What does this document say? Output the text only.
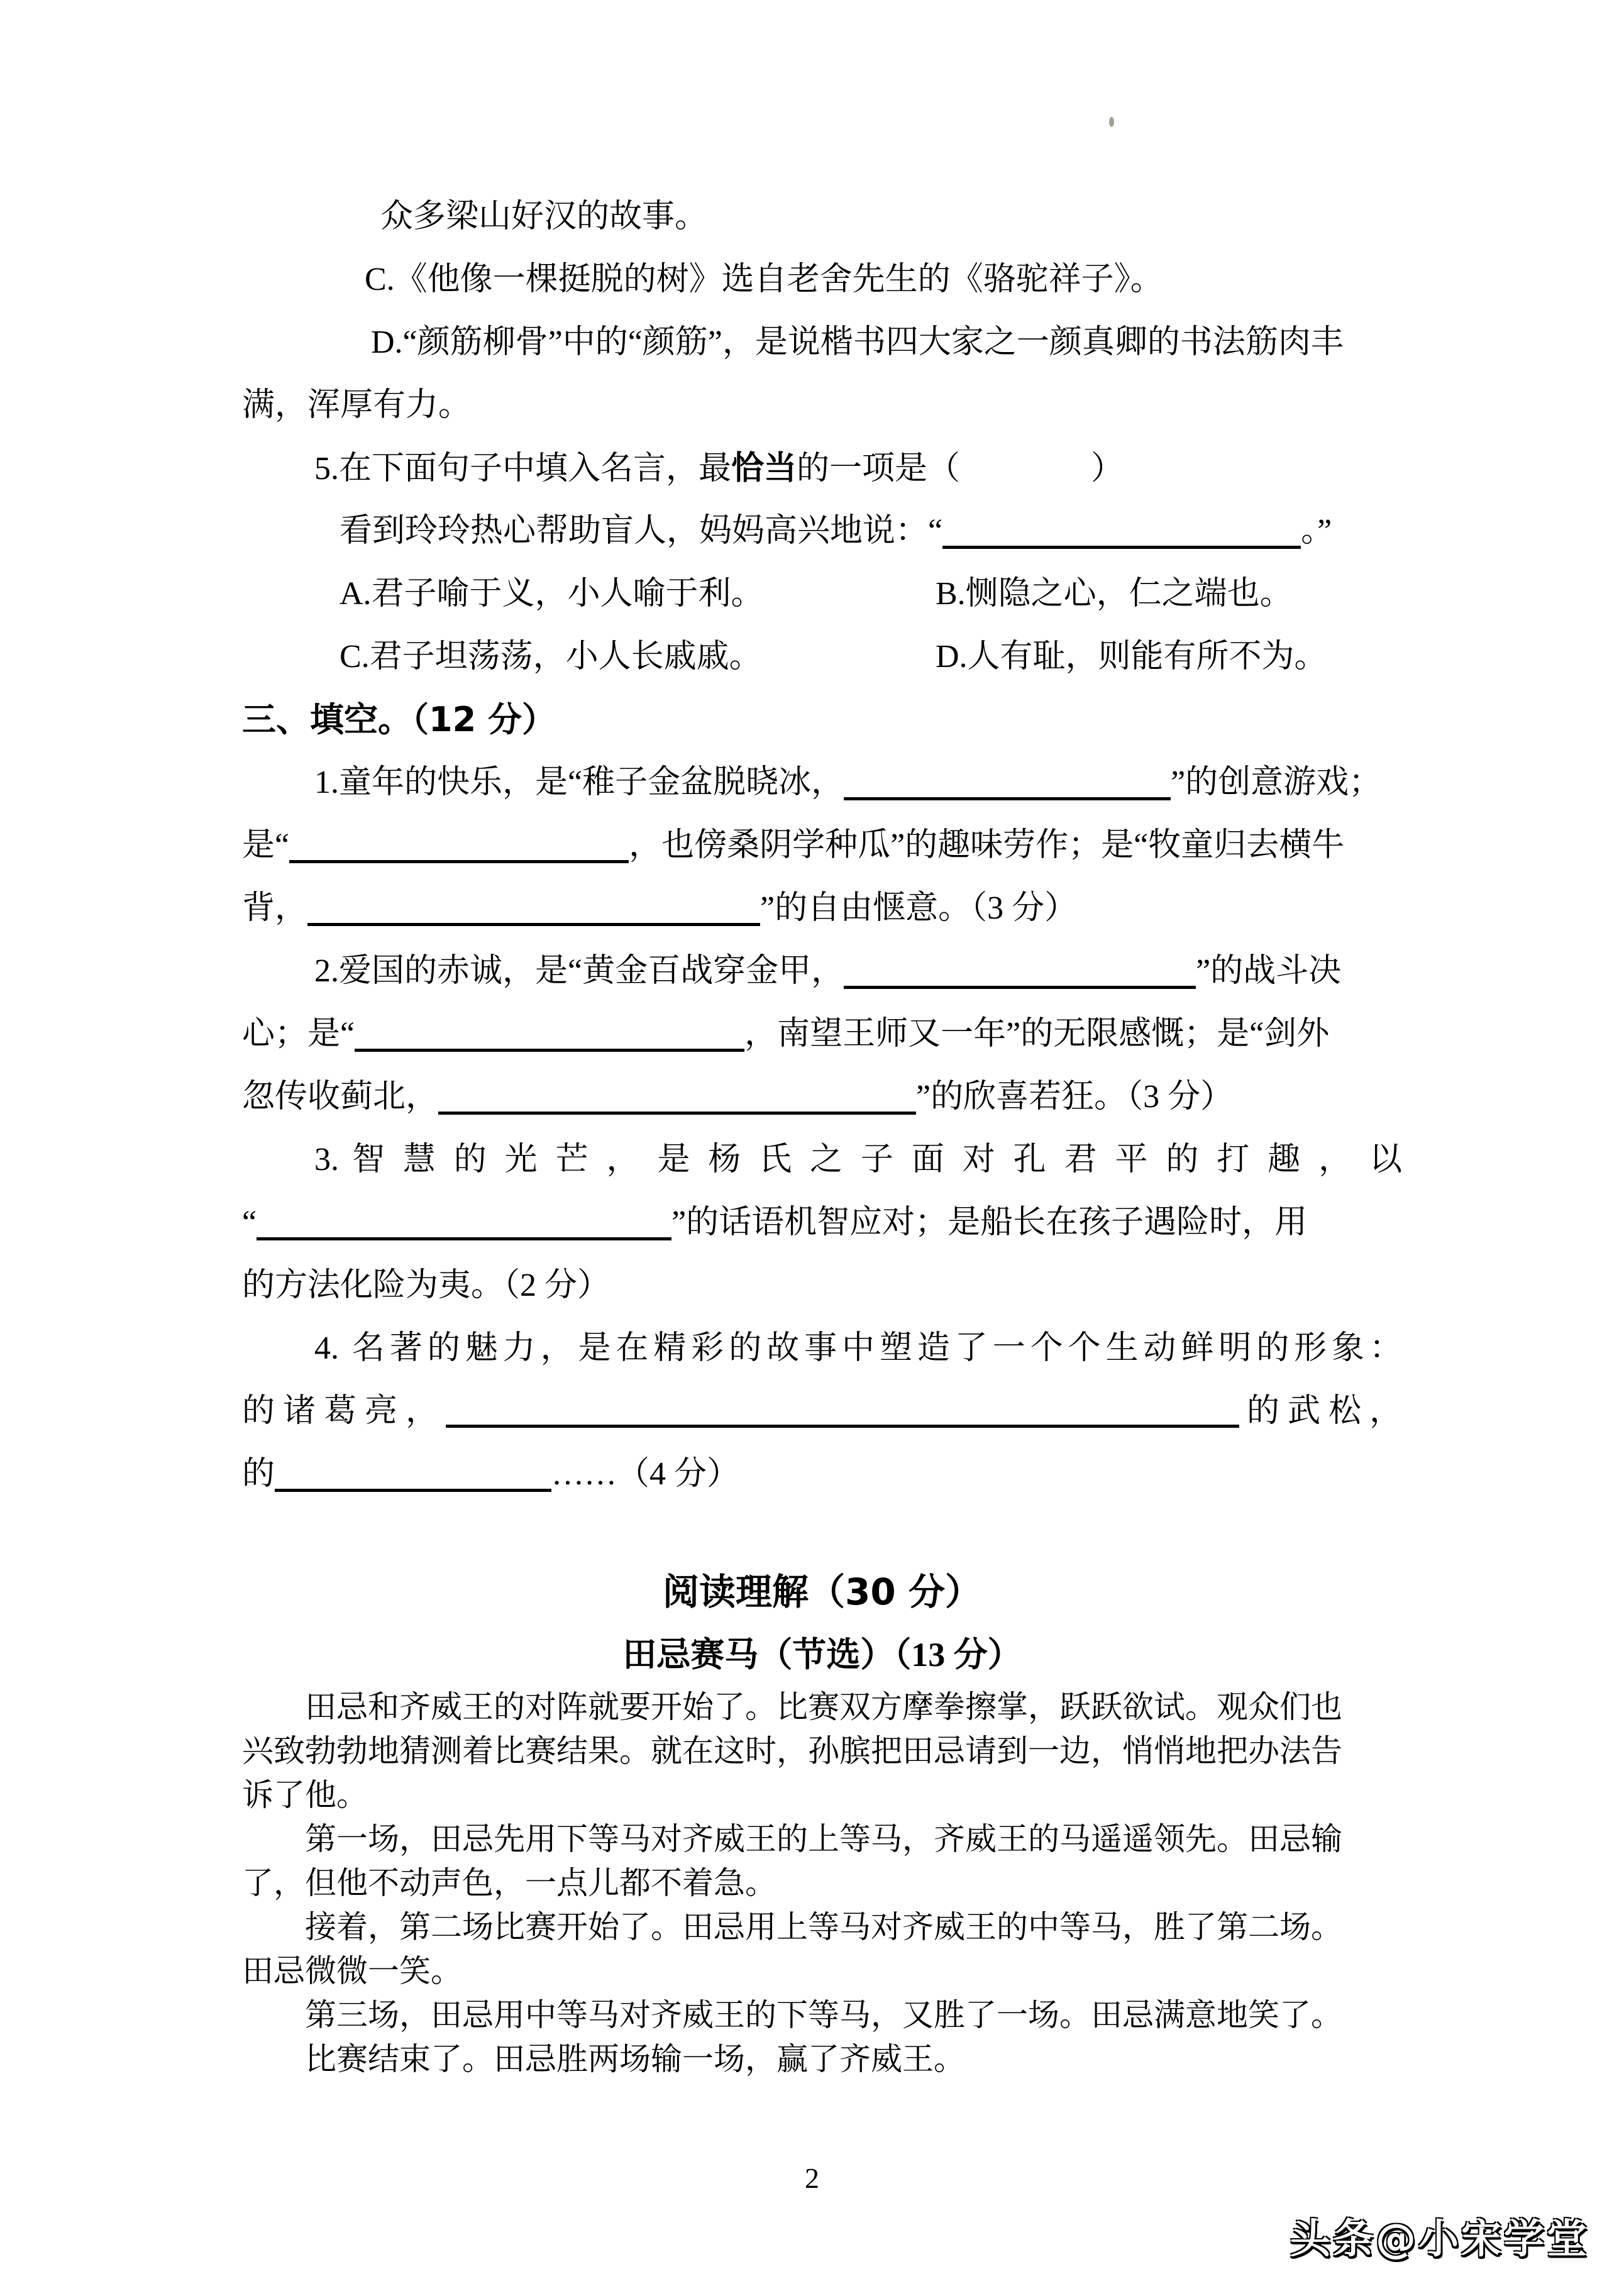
众多梁山好汉的故事。
C.《他像一棵挺脱的树》选自老舍先生的《骆驼祥子》。
D.“颜筋柳骨”中的“颜筋”，是说楷书四大家之一颜真卿的书法筋肉丰
满，浑厚有力。
5.在下面句子中填入名言，最恰当的一项是（　　　　）
看到玲玲热心帮助盲人，妈妈高兴地说：“	。”
A.君子喻于义，小人喻于利。	B.恻隐之心，仁之端也。
C.君子坦荡荡，小人长戚戚。	D.人有耻，则能有所不为。
三、填空。（12 分）
1.童年的快乐，是“稚子金盆脱晓冰，	”的创意游戏；
是“	，也傍桑阴学种瓜”的趣味劳作；是“牧童归去横牛
背，	”的自由惬意。（3 分）
2.爱国的赤诚，是“黄金百战穿金甲，	”的战斗决
心；是“	，南望王师又一年”的无限感慨；是“剑外
忽传收蓟北，	”的欣喜若狂。（3 分）
3. 智 慧 的 光 芒 ， 是 杨 氏 之 子 面 对 孔 君 平 的 打 趣 ， 以
“	”的话语机智应对；是船长在孩子遇险时，用
的方法化险为夷。（2 分）
4. 名著的魅力，是在精彩的故事中塑造了一个个生动鲜明的形象：
的 诸 葛 亮 ，	的 武 松 ，
的	……（4 分）
阅读理解（30 分）
田忌赛马（节选）（13 分）
田忌和齐威王的对阵就要开始了。比赛双方摩拳擦掌，跃跃欲试。观众们也
兴致勃勃地猜测着比赛结果。就在这时，孙膑把田忌请到一边，悄悄地把办法告
诉了他。
第一场，田忌先用下等马对齐威王的上等马，齐威王的马遥遥领先。田忌输
了，但他不动声色，一点儿都不着急。
接着，第二场比赛开始了。田忌用上等马对齐威王的中等马，胜了第二场。
田忌微微一笑。
第三场，田忌用中等马对齐威王的下等马，又胜了一场。田忌满意地笑了。
比赛结束了。田忌胜两场输一场，赢了齐威王。
2
头条@小宋学堂
